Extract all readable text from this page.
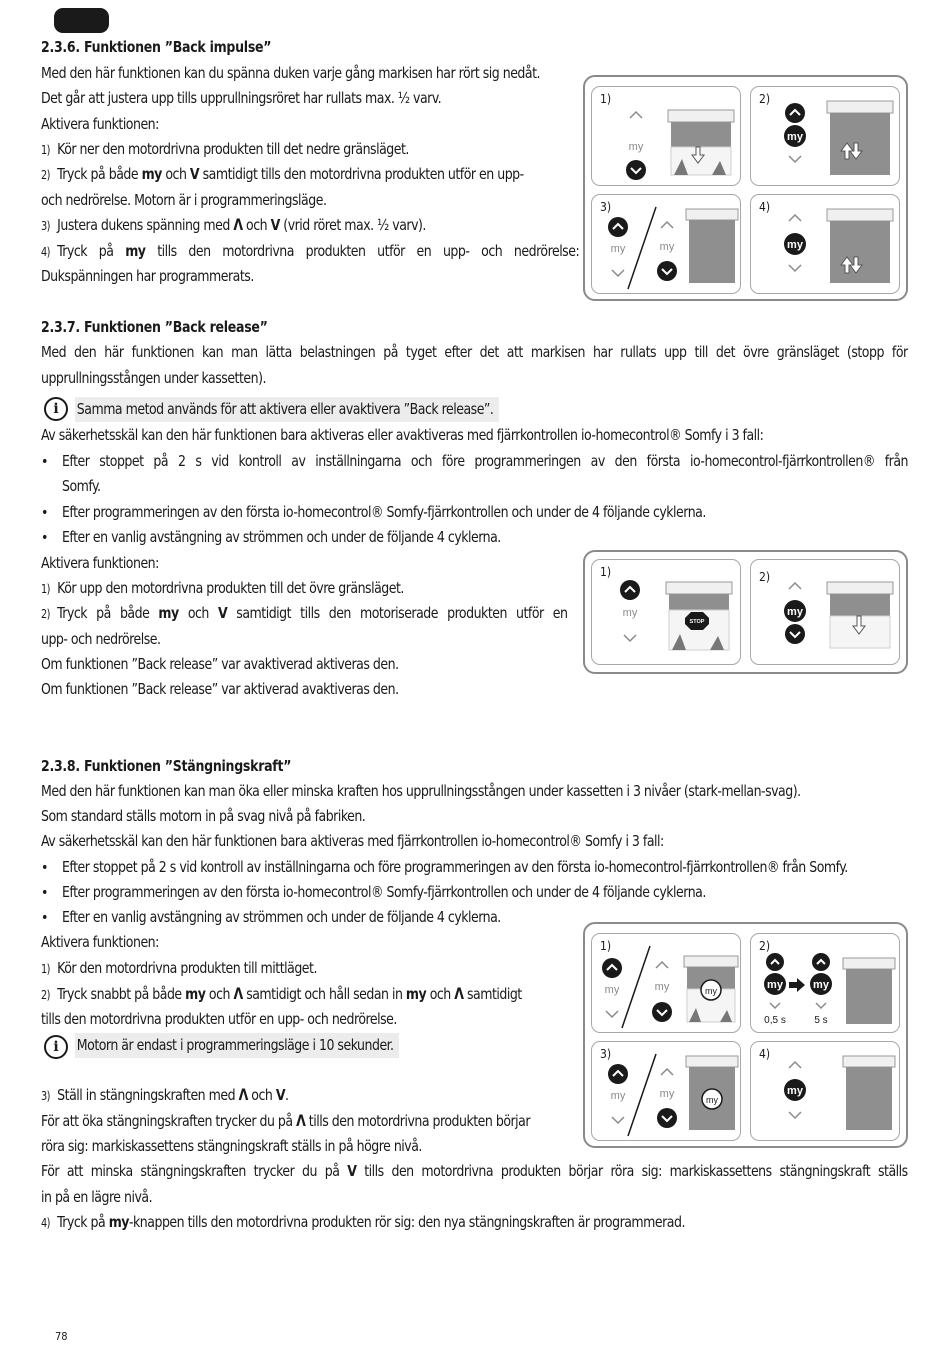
2.3.6. Funktionen ”Back impulse”
Med den här funktionen kan du spänna duken varje gång markisen har rört sig nedåt.
Det går att justera upp tills upprullningsröret har rullats max. ½ varv.
Aktivera funktionen:
1) Kör ner den motordrivna produkten till det nedre gränsläget.
2) Tryck på både my och V samtidigt tills den motordrivna produkten utför en upp-
och nedrörelse. Motorn är i programmeringsläge.
3) Justera dukens spänning med Λ och V (vrid röret max. ½ varv).
4) Tryck på my tills den motordrivna produkten utför en upp- och nedrörelse:
Dukspänningen har programmerats.
1)
my
2)
my
3)
my	my
4)
my
2.3.7. Funktionen ”Back release”
Med den här funktionen kan man lätta belastningen på tyget efter det att markisen har rullats upp till det övre gränsläget (stopp för
upprullningsstången under kassetten).
i	Samma metod används för att aktivera eller avaktivera ”Back release”.
Av säkerhetsskäl kan den här funktionen bara aktiveras eller avaktiveras med fjärrkontrollen io-homecontrol® Somfy i 3 fall:
• Efter stoppet på 2 s vid kontroll av inställningarna och före programmeringen av den första io-homecontrol-fjärrkontrollen® från
Somfy.
• Efter programmeringen av den första io-homecontrol® Somfy-fjärrkontrollen och under de 4 följande cyklerna.
• Efter en vanlig avstängning av strömmen och under de följande 4 cyklerna.
Aktivera funktionen:
1) Kör upp den motordrivna produkten till det övre gränsläget.
2) Tryck på både my och V samtidigt tills den motoriserade produkten utför en
upp- och nedrörelse.
Om funktionen ”Back release” var avaktiverad aktiveras den.
Om funktionen ”Back release” var aktiverad avaktiveras den.
1)
my
STOP
2)
my
2.3.8. Funktionen ”Stängningskraft”
Med den här funktionen kan man öka eller minska kraften hos upprullningsstången under kassetten i 3 nivåer (stark-mellan-svag).
Som standard ställs motorn in på svag nivå på fabriken.
Av säkerhetsskäl kan den här funktionen bara aktiveras med fjärrkontrollen io-homecontrol® Somfy i 3 fall:
• Efter stoppet på 2 s vid kontroll av inställningarna och före programmeringen av den första io-homecontrol-fjärrkontrollen® från Somfy.
• Efter programmeringen av den första io-homecontrol® Somfy-fjärrkontrollen och under de 4 följande cyklerna.
• Efter en vanlig avstängning av strömmen och under de följande 4 cyklerna.
Aktivera funktionen:
1) Kör den motordrivna produkten till mittläget.
2) Tryck snabbt på både my och Λ samtidigt och håll sedan in my och Λ samtidigt
tills den motordrivna produkten utför en upp- och nedrörelse.
i	Motorn är endast i programmeringsläge i 10 sekunder.
3) Ställ in stängningskraften med Λ och V.
För att öka stängningskraften trycker du på Λ tills den motordrivna produkten börjar
röra sig: markiskassettens stängningskraft ställs in på högre nivå.
För att minska stängningskraften trycker du på V tills den motordrivna produkten börjar röra sig: markiskassettens stängningskraft ställs
in på en lägre nivå.
4) Tryck på my-knappen tills den motordrivna produkten rör sig: den nya stängningskraften är programmerad.
1)
my	my	my
2)
my	my
0,5 s	5 s
3)
my	my	my
4)
my
78
